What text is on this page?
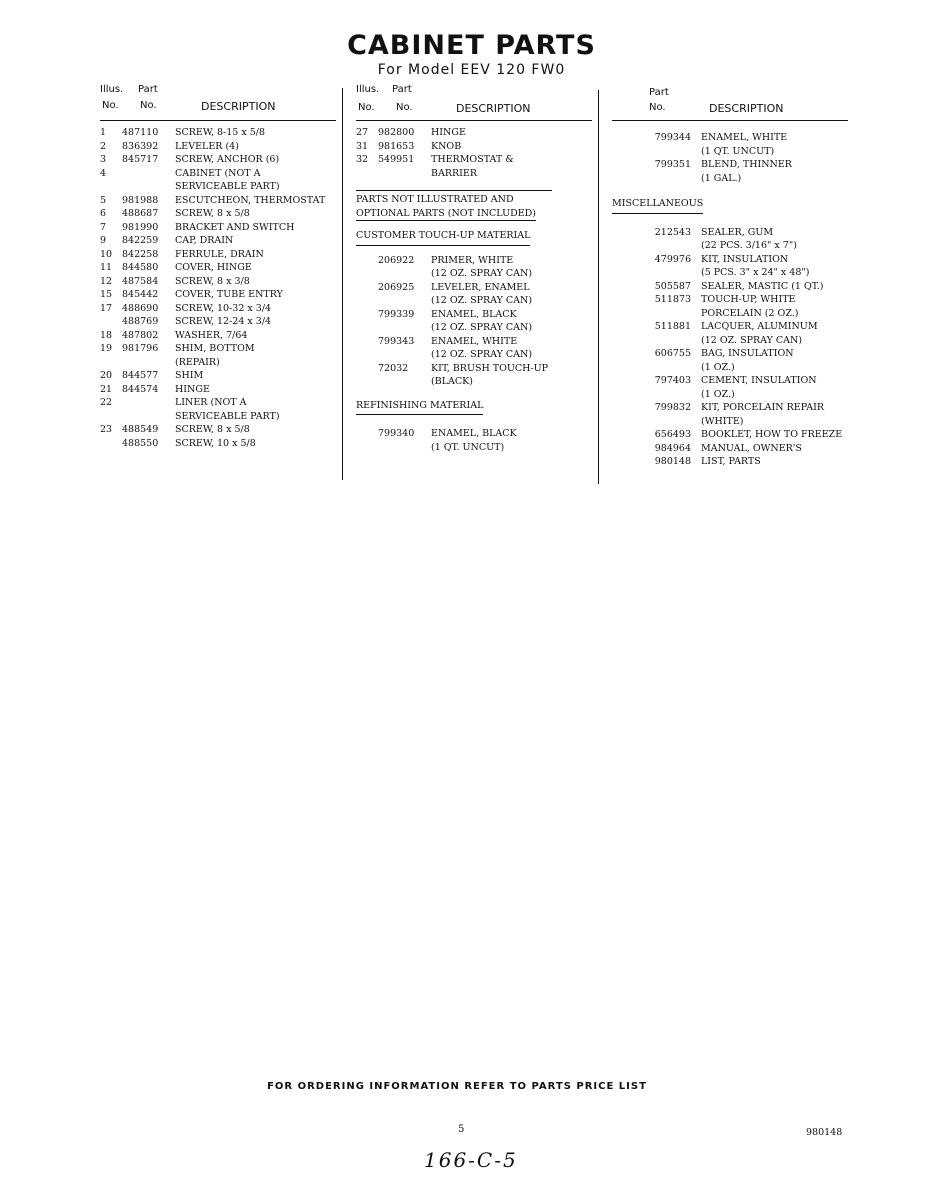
CABINET PARTS
For Model EEV 120 FW0
Illus. Part
No. No.	DESCRIPTION
1	487110	SCREW, 8-15 x 5/8
2	836392	LEVELER (4)
3	845717	SCREW, ANCHOR (6)
4	CABINET (NOT A
SERVICEABLE PART)
5	981988	ESCUTCHEON, THERMOSTAT
6	488687	SCREW, 8 x 5/8
7	981990	BRACKET AND SWITCH
9	842259	CAP, DRAIN
10	842258	FERRULE, DRAIN
11	844580	COVER, HINGE
12	487584	SCREW, 8 x 3/8
15	845442	COVER, TUBE ENTRY
17	488690	SCREW, 10-32 x 3/4
488769	SCREW, 12-24 x 3/4
18	487802	WASHER, 7/64
19	981796	SHIM, BOTTOM
(REPAIR)
20	844577	SHIM
21	844574	HINGE
22	LINER (NOT A
SERVICEABLE PART)
23	488549	SCREW, 8 x 5/8
488550	SCREW, 10 x 5/8
Illus. Part
No. No.	DESCRIPTION
27	982800	HINGE
31	981653	KNOB
32	549951	THERMOSTAT &
BARRIER
PARTS NOT ILLUSTRATED AND
OPTIONAL PARTS (NOT INCLUDED)
CUSTOMER TOUCH-UP MATERIAL
206922	PRIMER, WHITE
(12 OZ. SPRAY CAN)
206925	LEVELER, ENAMEL
(12 OZ. SPRAY CAN)
799339	ENAMEL, BLACK
(12 OZ. SPRAY CAN)
799343	ENAMEL, WHITE
(12 OZ. SPRAY CAN)
72032	KIT, BRUSH TOUCH-UP
(BLACK)
REFINISHING MATERIAL
799340	ENAMEL, BLACK
(1 QT. UNCUT)
Part
No.	DESCRIPTION
799344	ENAMEL, WHITE
(1 QT. UNCUT)
799351	BLEND, THINNER
(1 GAL.)
MISCELLANEOUS
212543	SEALER, GUM
(22 PCS. 3/16" x 7")
479976	KIT, INSULATION
(5 PCS. 3" x 24" x 48")
505587	SEALER, MASTIC (1 QT.)
511873	TOUCH-UP, WHITE
PORCELAIN (2 OZ.)
511881	LACQUER, ALUMINUM
(12 OZ. SPRAY CAN)
606755	BAG, INSULATION
(1 OZ.)
797403	CEMENT, INSULATION
(1 OZ.)
799832	KIT, PORCELAIN REPAIR
(WHITE)
656493	BOOKLET, HOW TO FREEZE
984964	MANUAL, OWNER'S
980148	LIST, PARTS
FOR ORDERING INFORMATION REFER TO PARTS PRICE LIST
5	980148
166-C-5
